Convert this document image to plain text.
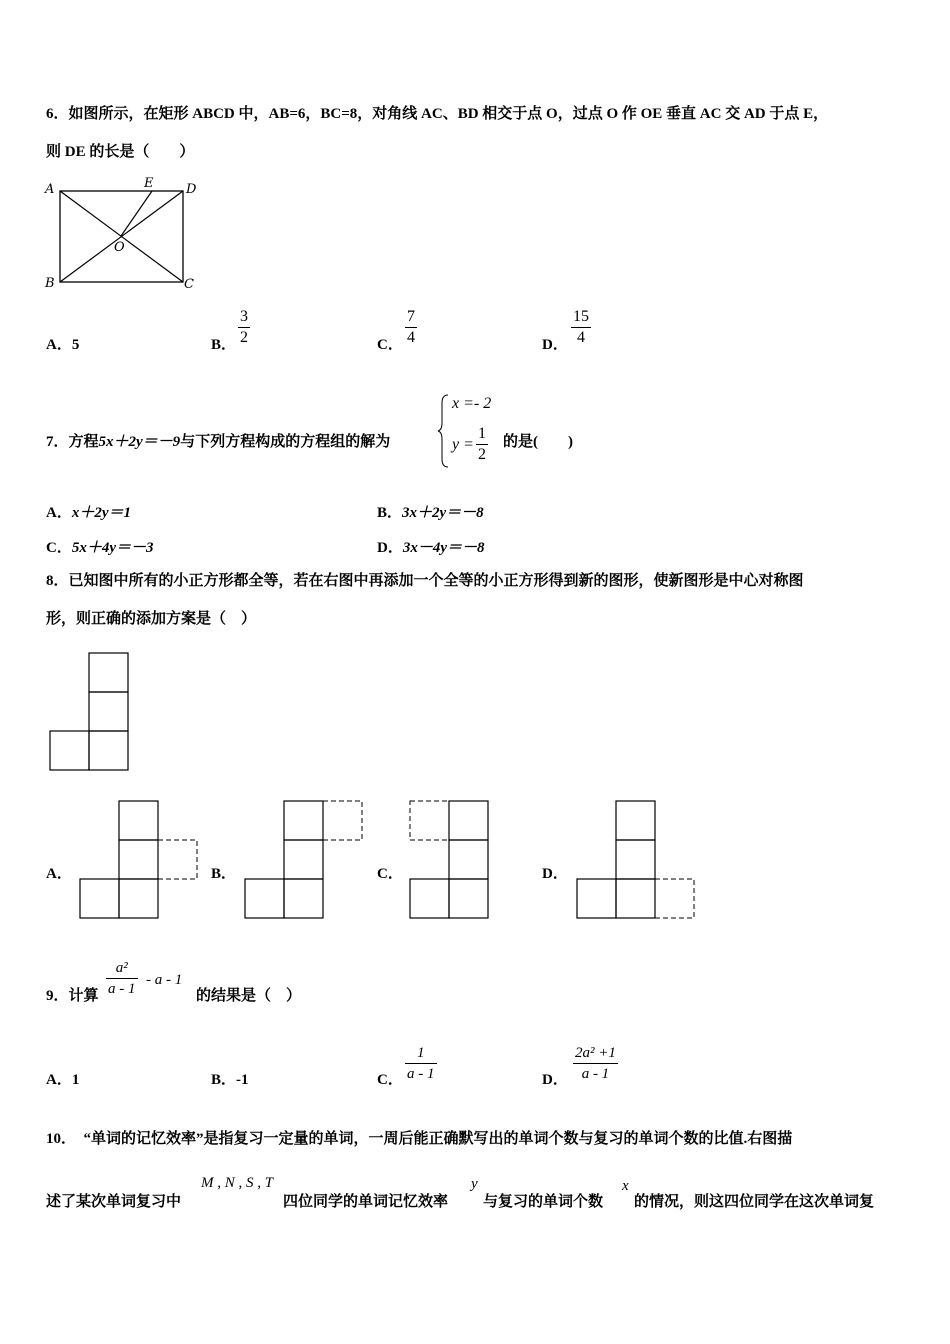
6．如图所示，在矩形 ABCD 中，AB=6，BC=8，对角线 AC、BD 相交于点 O，过点 O 作 OE 垂直 AC 交 AD 于点 E，
则 DE 的长是（　　）
A	E	D
O
B	C
A．5	B． $\frac{3}{2}$	C． $\frac{7}{4}$	D． $\frac{15}{4}$
7．方程5x＋2y＝－9与下列方程构成的方程组的解为
x =- 2
$y = \frac{1}{2}$ 的是(　　)
A．x＋2y＝1	B．3x＋2y＝－8
C．5x＋4y＝－3	D．3x－4y＝－8
8．已知图中所有的小正方形都全等，若在右图中再添加一个全等的小正方形得到新的图形，使新图形是中心对称图
形，则正确的添加方案是（　）
A．	B．	C．	D．
9．计算 $\frac{\text{a²}}{a - 1}$ - a - 1
的结果是（　）
A．1	B．-1	C． $\frac{1}{a - 1}$	D． $\frac{\text{2a² +1}}{a - 1}$
10．　“单词的记忆效率”是指复习一定量的单词，一周后能正确默写出的单词个数与复习的单词个数的比值.右图描
述了某次单词复习中
M , N , S , T
四位同学的单词记忆效率
y
与复习的单词个数
x
的情况，则这四位同学在这次单词复
